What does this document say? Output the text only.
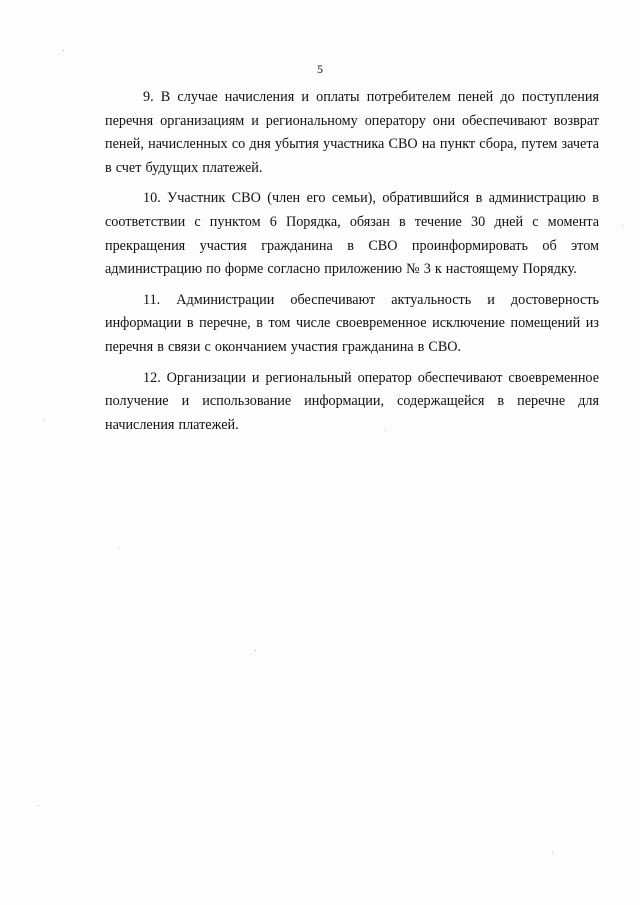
5

9. В случае начисления и оплаты потребителем пеней до поступления перечня организациям и региональному оператору они обеспечивают возврат пеней, начисленных со дня убытия участника СВО на пункт сбора, путем зачета в счет будущих платежей.

10. Участник СВО (член его семьи), обратившийся в администрацию в соответствии с пунктом 6 Порядка, обязан в течение 30 дней с момента прекращения участия гражданина в СВО проинформировать об этом администрацию по форме согласно приложению № 3 к настоящему Порядку.

11. Администрации обеспечивают актуальность и достоверность информации в перечне, в том числе своевременное исключение помещений из перечня в связи с окончанием участия гражданина в СВО.

12. Организации и региональный оператор обеспечивают своевременное получение и использование информации, содержащейся в перечне для начисления платежей.
